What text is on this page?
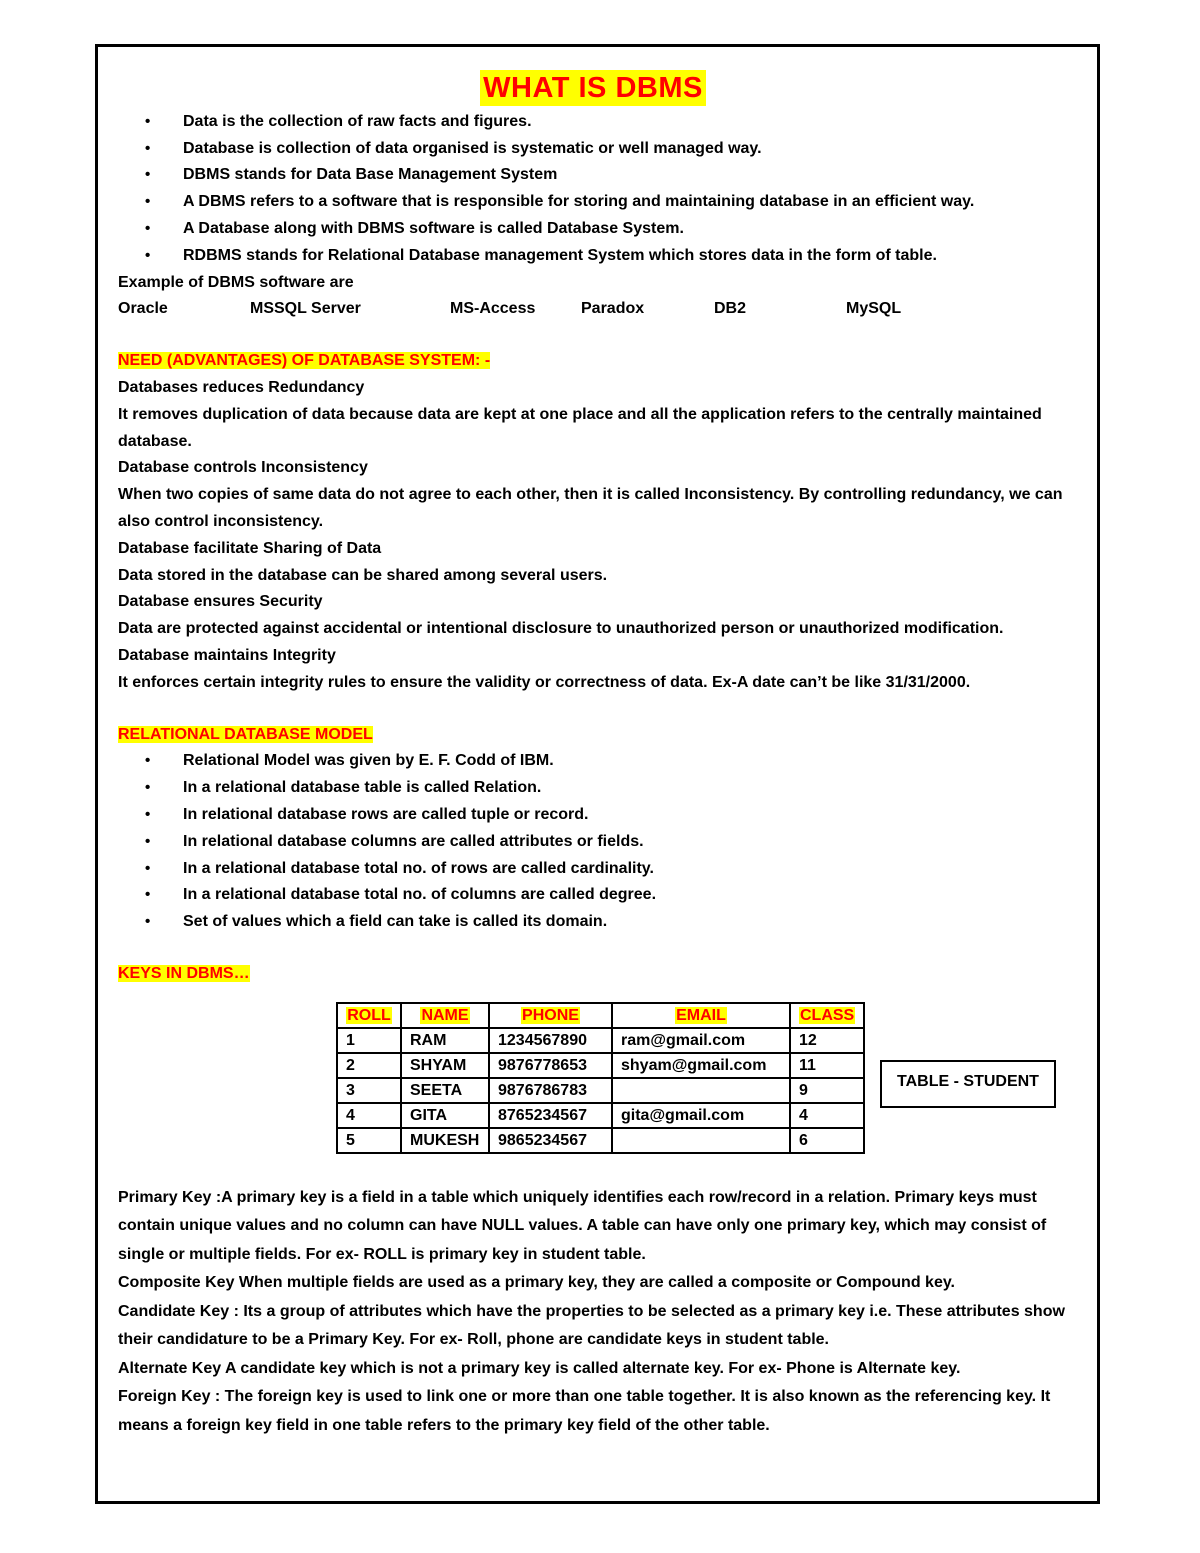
WHAT IS DBMS
• Data is the collection of raw facts and figures.
• Database is collection of data organised is systematic or well managed way.
• DBMS stands for Data Base Management System
• A DBMS refers to a software that is responsible for storing and maintaining database in an efficient way.
• A Database along with DBMS software is called Database System.
• RDBMS stands for Relational Database management System which stores data in the form of table.

Example of DBMS software are

Oracle	MSSQL Server	MS-Access	Paradox	DB2	MySQL

NEED (ADVANTAGES) OF DATABASE SYSTEM: -

Databases reduces Redundancy

It removes duplication of data because data are kept at one place and all the application refers to the centrally maintained database.

Database controls Inconsistency

When two copies of same data do not agree to each other, then it is called Inconsistency. By controlling redundancy, we can also control inconsistency.

Database facilitate Sharing of Data

Data stored in the database can be shared among several users.

Database ensures Security

Data are protected against accidental or intentional disclosure to unauthorized person or unauthorized modification.

Database maintains Integrity

It enforces certain integrity rules to ensure the validity or correctness of data. Ex-A date can’t be like 31/31/2000.

RELATIONAL DATABASE MODEL

• Relational Model was given by E. F. Codd of IBM.
• In a relational database table is called Relation.
• In relational database rows are called tuple or record.
• In relational database columns are called attributes or fields.
• In a relational database total no. of rows are called cardinality.
• In a relational database total no. of columns are called degree.
• Set of values which a field can take is called its domain.

KEYS IN DBMS…

ROLL	NAME	PHONE	EMAIL	CLASS
1	RAM	1234567890	ram@gmail.com	12
2	SHYAM	9876778653	shyam@gmail.com	11
3	SEETA	9876786783		9
4	GITA	8765234567	gita@gmail.com	4
5	MUKESH	9865234567		6
TABLE - STUDENT

Primary Key :A primary key is a field in a table which uniquely identifies each row/record in a relation. Primary keys must contain unique values and no column can have NULL values. A table can have only one primary key, which may consist of single or multiple fields. For ex- ROLL is primary key in student table.

Composite Key When multiple fields are used as a primary key, they are called a composite or Compound key.

Candidate Key : Its a group of attributes which have the properties to be selected as a primary key i.e. These attributes show their candidature to be a Primary Key. For ex- Roll, phone are candidate keys in student table.

Alternate Key A candidate key which is not a primary key is called alternate key. For ex- Phone is Alternate key.

Foreign Key : The foreign key is used to link one or more than one table together. It is also known as the referencing key. It means a foreign key field in one table refers to the primary key field of the other table.
